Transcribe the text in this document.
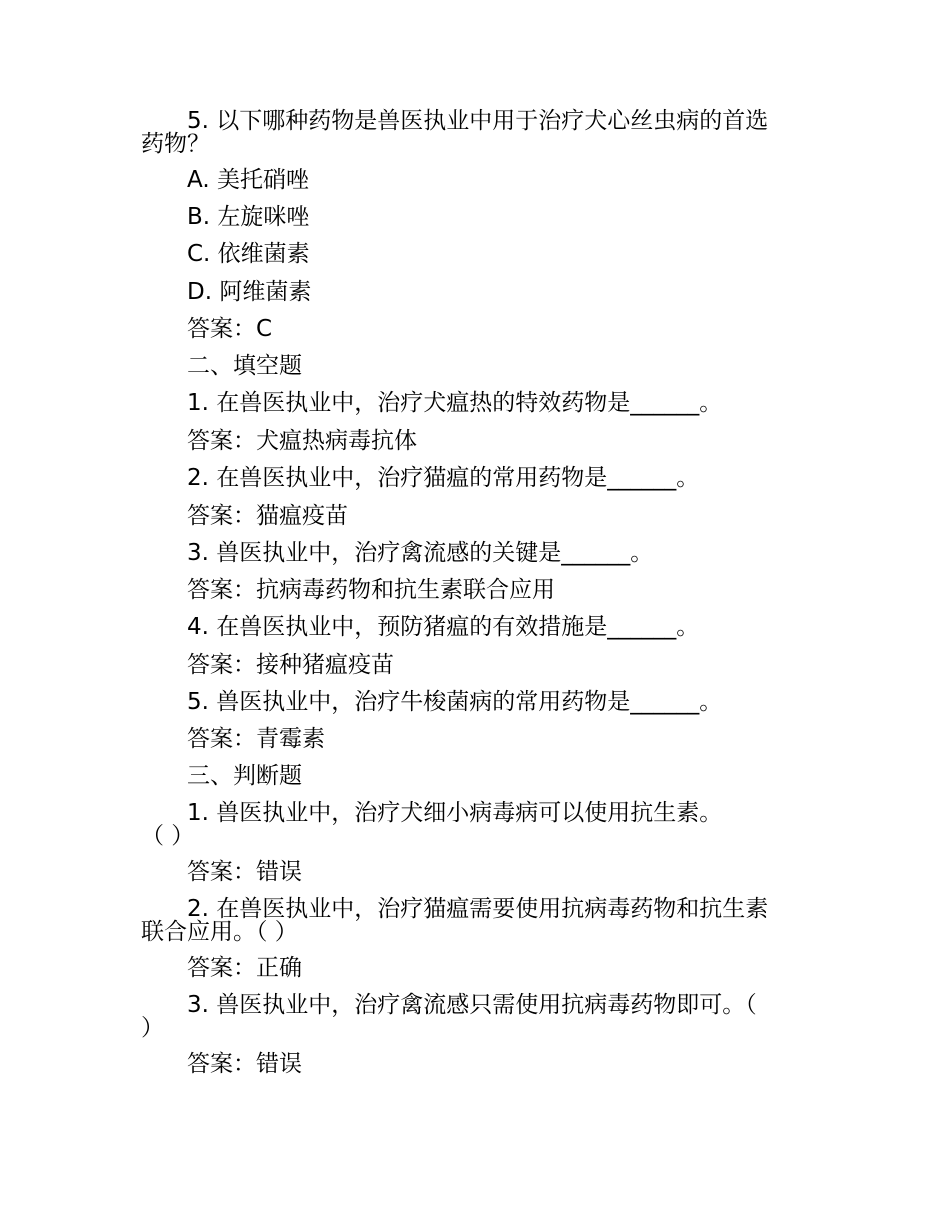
5. 以下哪种药物是兽医执业中用于治疗犬心丝虫病的首选

药物？

A. 美托硝唑

B. 左旋咪唑

C. 依维菌素

D. 阿维菌素

答案：C

二、填空题

1. 在兽医执业中，治疗犬瘟热的特效药物是______。

答案：犬瘟热病毒抗体

2. 在兽医执业中，治疗猫瘟的常用药物是______。

答案：猫瘟疫苗

3. 兽医执业中，治疗禽流感的关键是______。

答案：抗病毒药物和抗生素联合应用

4. 在兽医执业中，预防猪瘟的有效措施是______。

答案：接种猪瘟疫苗

5. 兽医执业中，治疗牛梭菌病的常用药物是______。

答案：青霉素

三、判断题

1. 兽医执业中，治疗犬细小病毒病可以使用抗生素。

（ ）

答案：错误

2. 在兽医执业中，治疗猫瘟需要使用抗病毒药物和抗生素

联合应用。（ ）

答案：正确

3. 兽医执业中，治疗禽流感只需使用抗病毒药物即可。（

）

答案：错误
